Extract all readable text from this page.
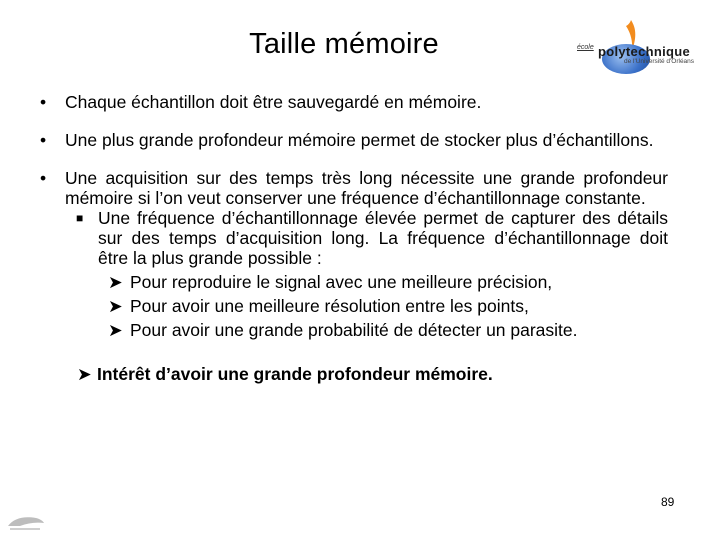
Taille mémoire	école polytechnique
de l'Université d'Orléans
•	Chaque échantillon doit être sauvegardé en mémoire.
•	Une plus grande profondeur mémoire permet de stocker plus d’échantillons.
•	Une acquisition sur des temps très long nécessite une grande profondeur mémoire si l’on veut conserver une fréquence d’échantillonnage constante.
■ Une fréquence d’échantillonnage élevée permet de capturer des détails sur des temps d’acquisition long. La fréquence d’échantillonnage doit être la plus grande possible :
➤ Pour reproduire le signal avec une meilleure précision,
➤ Pour avoir une meilleure résolution entre les points,
➤ Pour avoir une grande probabilité de détecter un parasite.
➤ Intérêt d’avoir une grande profondeur mémoire.
89
